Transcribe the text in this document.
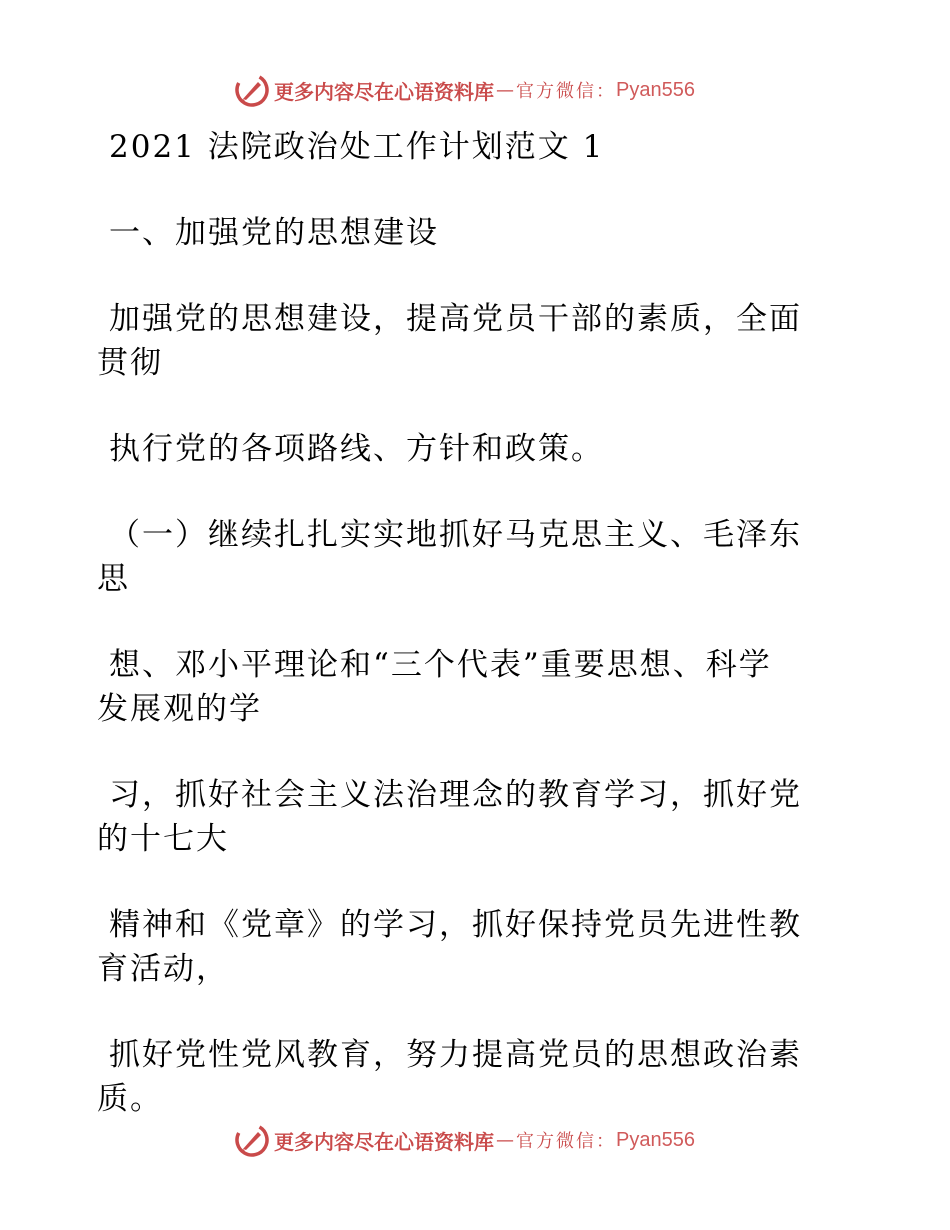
更多内容尽在心语资料库 — 官方微信： Pyan556
2021 法院政治处工作计划范文 1
一、加强党的思想建设
加强党的思想建设，提高党员干部的素质，全面
贯彻
执行党的各项路线、方针和政策。
（一）继续扎扎实实地抓好马克思主义、毛泽东
思
想、邓小平理论和“三个代表”重要思想、科学
发展观的学
习，抓好社会主义法治理念的教育学习，抓好党
的十七大
精神和《党章》的学习，抓好保持党员先进性教
育活动，
抓好党性党风教育，努力提高党员的思想政治素
质。
更多内容尽在心语资料库 — 官方微信： Pyan556
